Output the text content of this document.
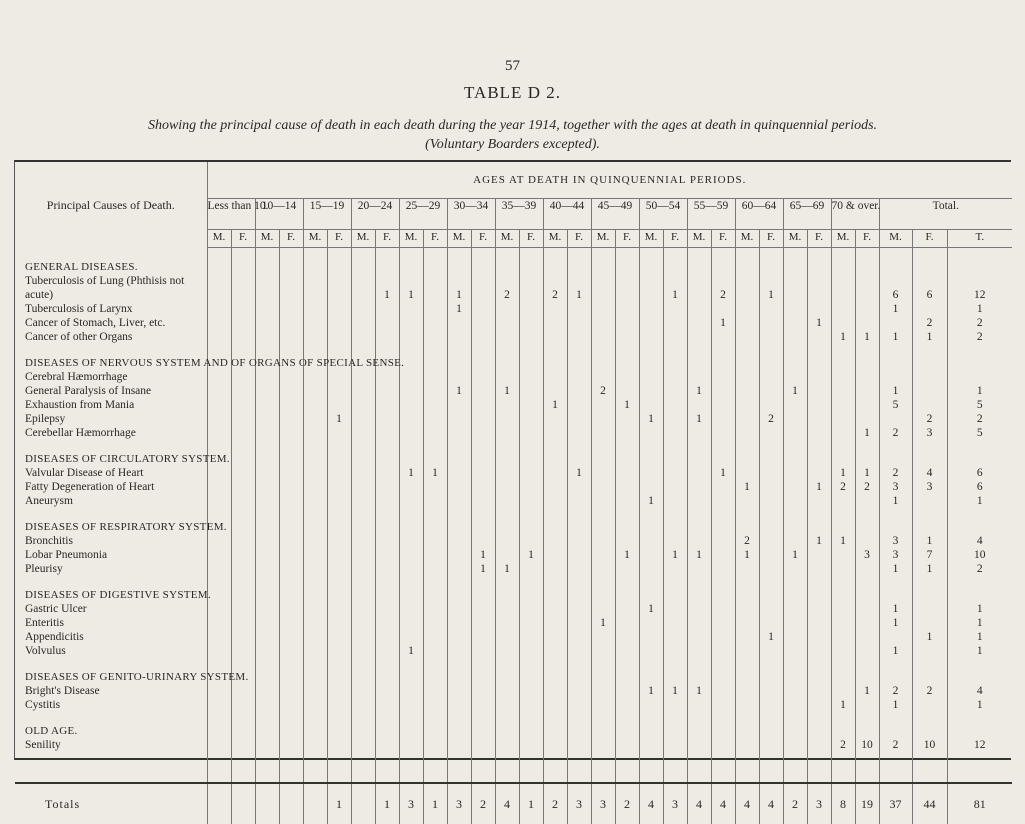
57
TABLE D 2.
Showing the principal cause of death in each death during the year 1914, together with the ages at death in quinquennial periods.
(Voluntary Boarders excepted).
Principal Causes of Death.	AGES AT DEATH IN QUINQUENNIAL PERIODS.																														
	Less than 10.		10—14		15—19		20—24		25—29		30—34		35—39		40—44		45—49		50—54		55—59		60—64		65—69		70 & over.		Total.		
	M.	F.	M.	F.	M.	F.	M.	F.	M.	F.	M.	F.	M.	F.	M.	F.	M.	F.	M.	F.	M.	F.	M.	F.	M.	F.	M.	F.	M.	F.	T.

GENERAL DISEASES.																															
Tuberculosis of Lung (Phthisis not																															
acute)								1	1		1		2		2	1				1		2		1					6	6	12
Tuberculosis of Larynx											1																		1		1
Cancer of Stomach, Liver, etc.																						1				1				2	2
Cancer of other Organs																											1	1	1	1	2

DISEASES OF NERVOUS SYSTEM AND OF ORGANS OF SPECIAL SENSE.																															
Cerebral Hæmorrhage																															
General Paralysis of Insane											1		1				2				1				1				1		1
Exhaustion from Mania															1			1											5		5
Epilepsy						1													1		1			2						2	2
Cerebellar Hæmorrhage																												1	2	3	5

DISEASES OF CIRCULATORY SYSTEM.																															
Valvular Disease of Heart									1	1						1						1					1	1	2	4	6
Fatty Degeneration of Heart																							1			1	2	2	3	3	6
Aneurysm																			1										1		1

DISEASES OF RESPIRATORY SYSTEM.																															
Bronchitis																							2			1	1		3	1	4
Lobar Pneumonia												1		1				1		1	1		1		1			3	3	7	10
Pleurisy												1	1																1	1	2

DISEASES OF DIGESTIVE SYSTEM.																															
Gastric Ulcer																			1										1		1
Enteritis																	1												1		1
Appendicitis																								1						1	1
Volvulus									1																				1		1

DISEASES OF GENITO-URINARY SYSTEM.																															
Bright's Disease																			1	1	1							1	2	2	4
Cystitis																											1		1		1

OLD AGE.																															
Senility																											2	10	2	10	12

Totals						1		1	3	1	3	2	4	1	2	3	3	2	4	3	4	4	4	4	2	3	8	19	37	44	81
